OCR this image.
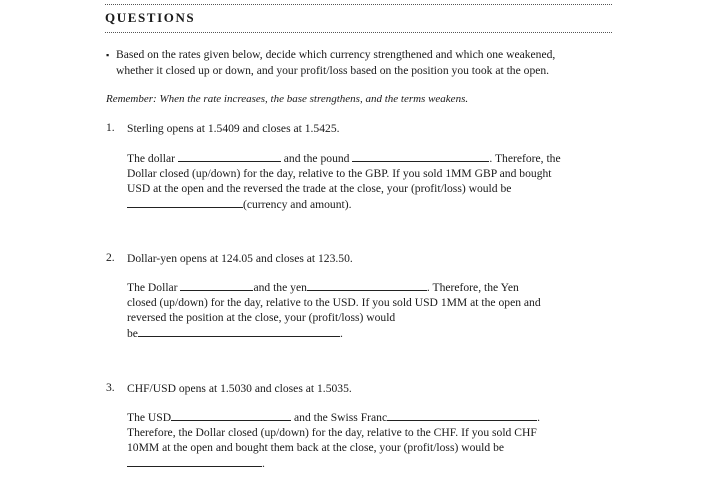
QUESTIONS
▪ Based on the rates given below, decide which currency strengthened and which one weakened,
whether it closed up or down, and your profit/loss based on the position you took at the open.
Remember: When the rate increases, the base strengthens, and the terms weakens.
1. Sterling opens at 1.5409 and closes at 1.5425.
The dollar	and the pound	. Therefore, the
Dollar closed (up/down) for the day, relative to the GBP. If you sold 1MM GBP and bought
USD at the open and the reversed the trade at the close, your (profit/loss) would be
(currency and amount).
2. Dollar-yen opens at 124.05 and closes at 123.50.
The Dollar	and the yen	. Therefore, the Yen
closed (up/down) for the day, relative to the USD. If you sold USD 1MM at the open and
reversed the position at the close, your (profit/loss) would
be	.
3. CHF/USD opens at 1.5030 and closes at 1.5035.
The USD	and the Swiss Franc	.
Therefore, the Dollar closed (up/down) for the day, relative to the CHF. If you sold CHF
10MM at the open and bought them back at the close, your (profit/loss) would be
.
